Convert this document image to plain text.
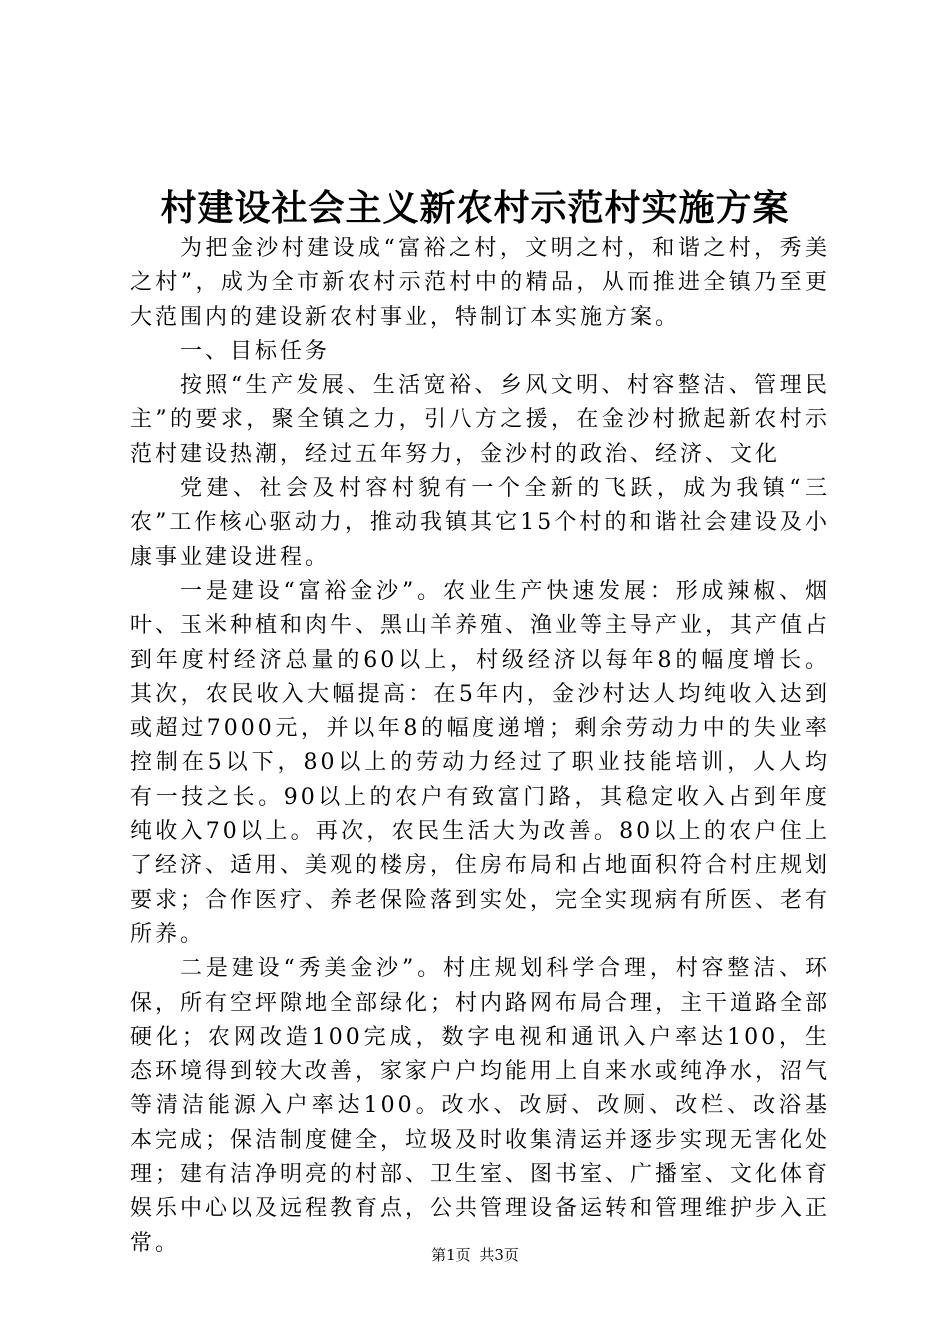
村建设社会主义新农村示范村实施方案

为把金沙村建设成“富裕之村，文明之村，和谐之村，秀美之村”，成为全市新农村示范村中的精品，从而推进全镇乃至更大范围内的建设新农村事业，特制订本实施方案。

一、目标任务

按照“生产发展、生活宽裕、乡风文明、村容整洁、管理民主”的要求，聚全镇之力，引八方之援，在金沙村掀起新农村示范村建设热潮，经过五年努力，金沙村的政治、经济、文化

党建、社会及村容村貌有一个全新的飞跃，成为我镇“三农”工作核心驱动力，推动我镇其它15个村的和谐社会建设及小康事业建设进程。

一是建设“富裕金沙”。农业生产快速发展：形成辣椒、烟叶、玉米种植和肉牛、黑山羊养殖、渔业等主导产业，其产值占到年度村经济总量的60以上，村级经济以每年8的幅度增长。其次，农民收入大幅提高：在5年内，金沙村达人均纯收入达到或超过7000元，并以年8的幅度递增；剩余劳动力中的失业率控制在5以下，80以上的劳动力经过了职业技能培训，人人均有一技之长。90以上的农户有致富门路，其稳定收入占到年度纯收入70以上。再次，农民生活大为改善。80以上的农户住上了经济、适用、美观的楼房，住房布局和占地面积符合村庄规划要求；合作医疗、养老保险落到实处，完全实现病有所医、老有所养。

二是建设“秀美金沙”。村庄规划科学合理，村容整洁、环保，所有空坪隙地全部绿化；村内路网布局合理，主干道路全部硬化；农网改造100完成，数字电视和通讯入户率达100，生态环境得到较大改善，家家户户均能用上自来水或纯净水，沼气等清洁能源入户率达100。改水、改厨、改厕、改栏、改浴基本完成；保洁制度健全，垃圾及时收集清运并逐步实现无害化处理；建有洁净明亮的村部、卫生室、图书室、广播室、文化体育娱乐中心以及远程教育点，公共管理设备运转和管理维护步入正常。	第1页 共3页
